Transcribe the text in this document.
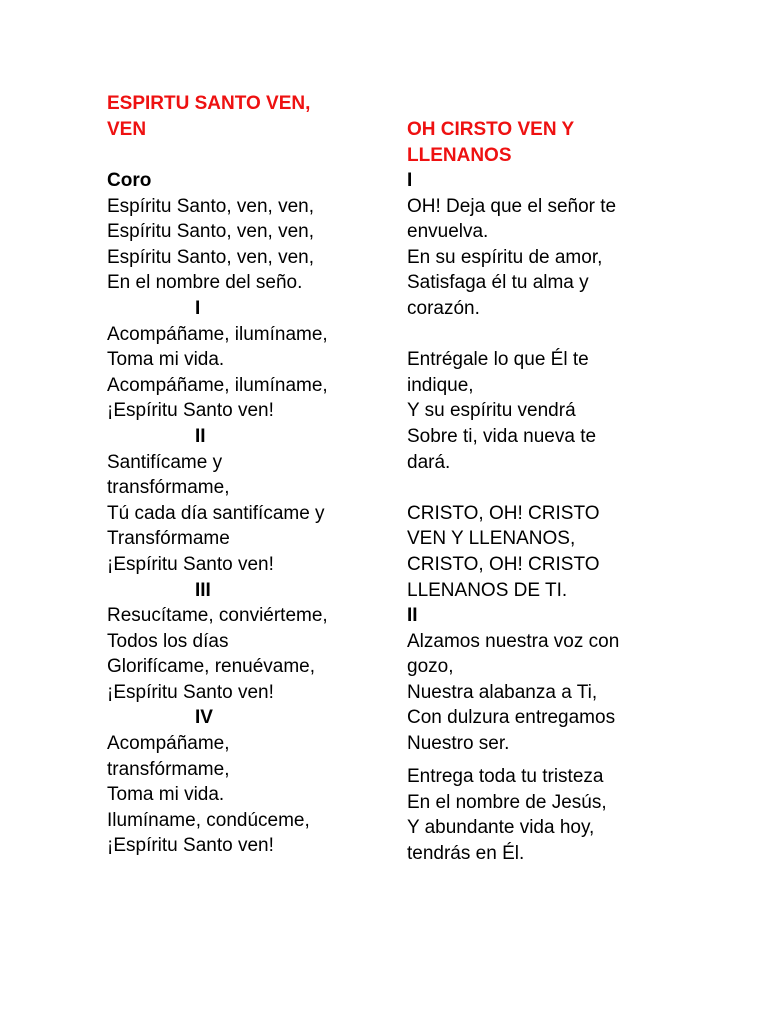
ESPIRTU SANTO VEN,
VEN
Coro
Espíritu Santo, ven, ven,
Espíritu Santo, ven, ven,
Espíritu Santo, ven, ven,
En el nombre del seño.
I
Acompáñame, ilumíname,
Toma mi vida.
Acompáñame, ilumíname,
¡Espíritu Santo ven!
II
Santifícame y
transfórmame,
Tú cada día santifícame y
Transfórmame
¡Espíritu Santo ven!
III
Resucítame, conviérteme,
Todos los días
Glorifícame, renuévame,
¡Espíritu Santo ven!
IV
Acompáñame,
transfórmame,
Toma mi vida.
Ilumíname, condúceme,
¡Espíritu Santo ven!
OH CIRSTO VEN Y
LLENANOS
I
OH! Deja que el señor te
envuelva.
En su espíritu de amor,
Satisfaga él tu alma y
corazón.
Entrégale lo que Él te
indique,
Y su espíritu vendrá
Sobre ti, vida nueva te
dará.
CRISTO, OH! CRISTO
VEN Y LLENANOS,
CRISTO, OH! CRISTO
LLENANOS DE TI.
II
Alzamos nuestra voz con
gozo,
Nuestra alabanza a Ti,
Con dulzura entregamos
Nuestro ser.
Entrega toda tu tristeza
En el nombre de Jesús,
Y abundante vida hoy,
tendrás en Él.
